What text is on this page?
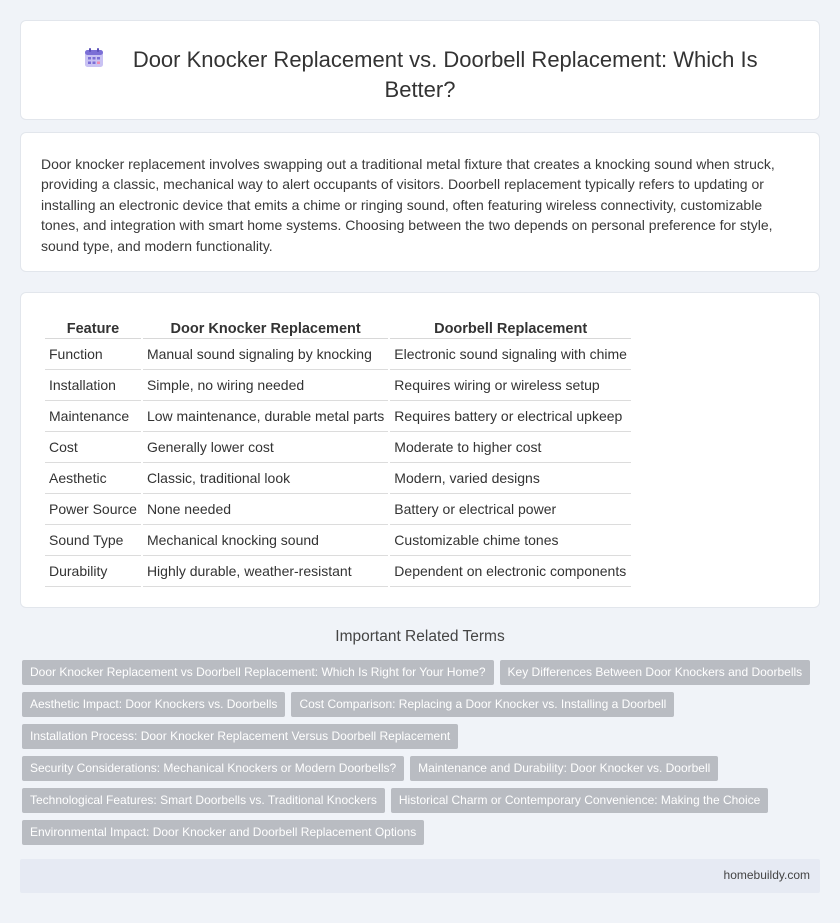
Door Knocker Replacement vs. Doorbell Replacement: Which Is Better?

Door knocker replacement involves swapping out a traditional metal fixture that creates a knocking sound when struck, providing a classic, mechanical way to alert occupants of visitors. Doorbell replacement typically refers to updating or installing an electronic device that emits a chime or ringing sound, often featuring wireless connectivity, customizable tones, and integration with smart home systems. Choosing between the two depends on personal preference for style, sound type, and modern functionality.

Feature	Door Knocker Replacement	Doorbell Replacement
Function	Manual sound signaling by knocking	Electronic sound signaling with chime
Installation	Simple, no wiring needed	Requires wiring or wireless setup
Maintenance	Low maintenance, durable metal parts	Requires battery or electrical upkeep
Cost	Generally lower cost	Moderate to higher cost
Aesthetic	Classic, traditional look	Modern, varied designs
Power Source	None needed	Battery or electrical power
Sound Type	Mechanical knocking sound	Customizable chime tones
Durability	Highly durable, weather-resistant	Dependent on electronic components
Important Related Terms
Door Knocker Replacement vs Doorbell Replacement: Which Is Right for Your Home? Key Differences Between Door Knockers and Doorbells
Aesthetic Impact: Door Knockers vs. Doorbells Cost Comparison: Replacing a Door Knocker vs. Installing a Doorbell
Installation Process: Door Knocker Replacement Versus Doorbell Replacement
Security Considerations: Mechanical Knockers or Modern Doorbells? Maintenance and Durability: Door Knocker vs. Doorbell
Technological Features: Smart Doorbells vs. Traditional Knockers Historical Charm or Contemporary Convenience: Making the Choice
Environmental Impact: Door Knocker and Doorbell Replacement Options
homebuildy.com
